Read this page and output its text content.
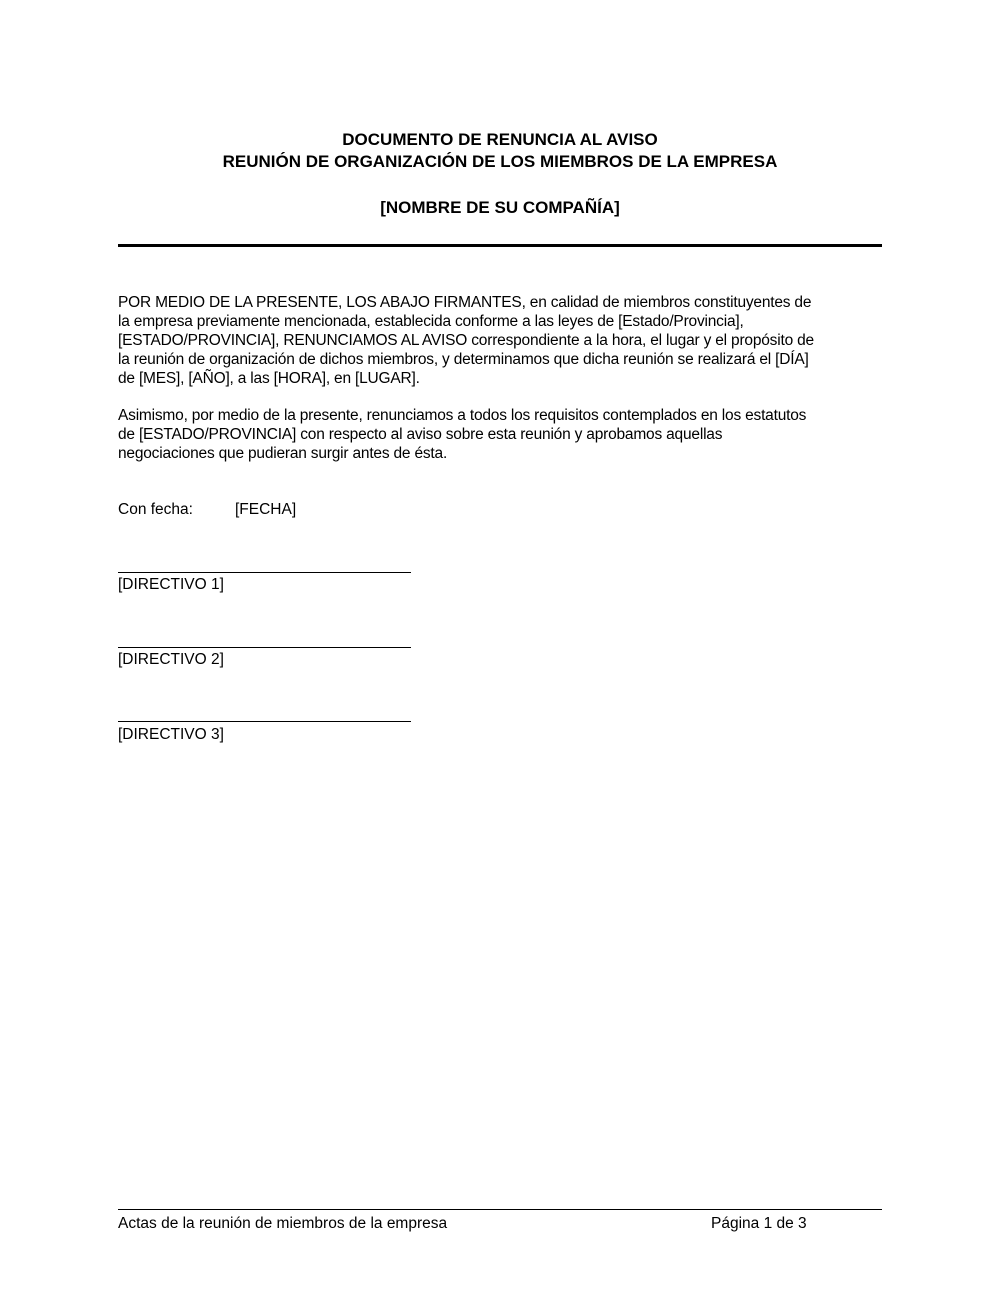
DOCUMENTO DE RENUNCIA AL AVISO
REUNIÓN DE ORGANIZACIÓN DE LOS MIEMBROS DE LA EMPRESA
[NOMBRE DE SU COMPAÑÍA]
POR MEDIO DE LA PRESENTE, LOS ABAJO FIRMANTES, en calidad de miembros constituyentes de
la empresa previamente mencionada, establecida conforme a las leyes de [Estado/Provincia],
[ESTADO/PROVINCIA], RENUNCIAMOS AL AVISO correspondiente a la hora, el lugar y el propósito de
la reunión de organización de dichos miembros, y determinamos que dicha reunión se realizará el [DÍA]
de [MES], [AÑO], a las [HORA], en [LUGAR].
Asimismo, por medio de la presente, renunciamos a todos los requisitos contemplados en los estatutos
de [ESTADO/PROVINCIA] con respecto al aviso sobre esta reunión y aprobamos aquellas
negociaciones que pudieran surgir antes de ésta.
Con fecha:	[FECHA]
[DIRECTIVO 1]
[DIRECTIVO 2]
[DIRECTIVO 3]
Actas de la reunión de miembros de la empresa	Página 1 de 3
